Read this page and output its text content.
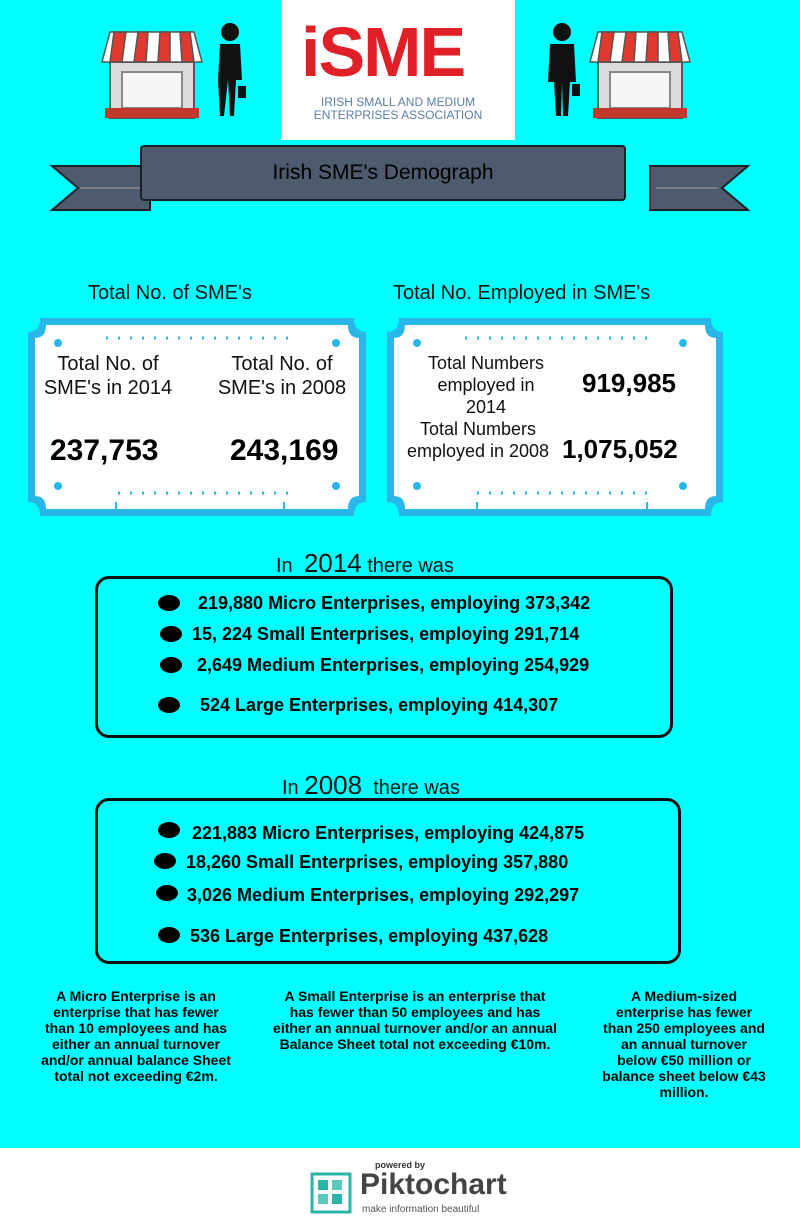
iSME
IRISH SMALL AND MEDIUM ENTERPRISES ASSOCIATION
Irish SME's Demograph
Total No. of SME's	Total No. Employed in SME's
Total No. of SME's in 2014
237,753
Total No. of SME's in 2008
243,169
Total Numbers employed in 2014
919,985
Total Numbers employed in 2008 1,075,052
In 2014 there was
219,880 Micro Enterprises, employing 373,342
15, 224 Small Enterprises, employing 291,714
2,649 Medium Enterprises, employing 254,929
524 Large Enterprises, employing 414,307
In 2008 there was
221,883 Micro Enterprises, employing 424,875
18,260 Small Enterprises, employing 357,880
3,026 Medium Enterprises, employing 292,297
536 Large Enterprises, employing 437,628
A Micro Enterprise is an enterprise that has fewer than 10 employees and has either an annual turnover and/or annual balance Sheet total not exceeding €2m.
A Small Enterprise is an enterprise that has fewer than 50 employees and has either an annual turnover and/or an annual Balance Sheet total not exceeding €10m.
A Medium-sized enterprise has fewer than 250 employees and an annual turnover below €50 million or balance sheet below €43 million.
powered by
Piktochart
make information beautiful
